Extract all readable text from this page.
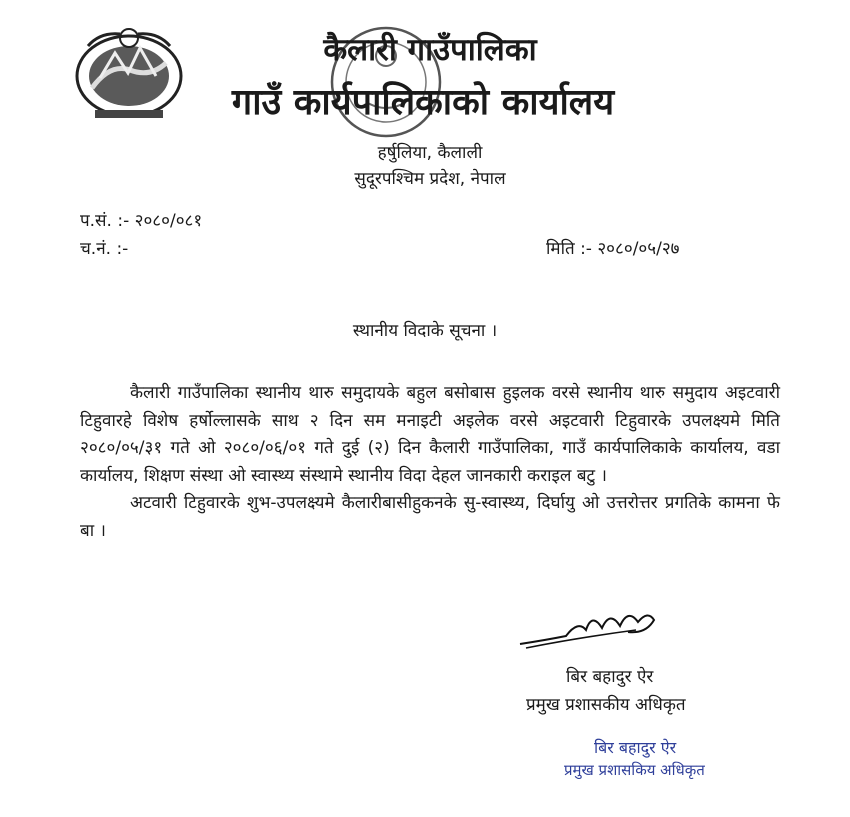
कैलारी गाउँपालिका
गाउँ कार्यपालिकाको कार्यालय
हर्षुलिया, कैलाली
सुदूरपश्चिम प्रदेश, नेपाल
प.सं. :- २०८०/०८१
च.नं. :-	मिति :- २०८०/०५/२७
स्थानीय विदाके सूचना ।

कैलारी गाउँपालिका स्थानीय थारु समुदायके बहुल बसोबास हुइलक वरसे स्थानीय थारु समुदाय अइटवारी टिहुवारहे विशेष हर्षोल्लासके साथ २ दिन सम मनाइटी अइलेक वरसे अइटवारी टिहुवारके उपलक्ष्यमे मिति २०८०/०५/३१ गते ओ २०८०/०६/०१ गते दुई (२) दिन कैलारी गाउँपालिका, गाउँ कार्यपालिकाके कार्यालय, वडा कार्यालय, शिक्षण संस्था ओ स्वास्थ्य संस्थामे स्थानीय विदा देहल जानकारी कराइल बटु ।

अटवारी टिहुवारके शुभ-उपलक्ष्यमे कैलारीबासीहुकनके सु-स्वास्थ्य, दिर्घायु ओ उत्तरोत्तर प्रगतिके कामना फे बा ।

बिर बहादुर ऐर
प्रमुख प्रशासकीय अधिकृत
बिर बहादुर ऐर
प्रमुख प्रशासकिय अधिकृत
